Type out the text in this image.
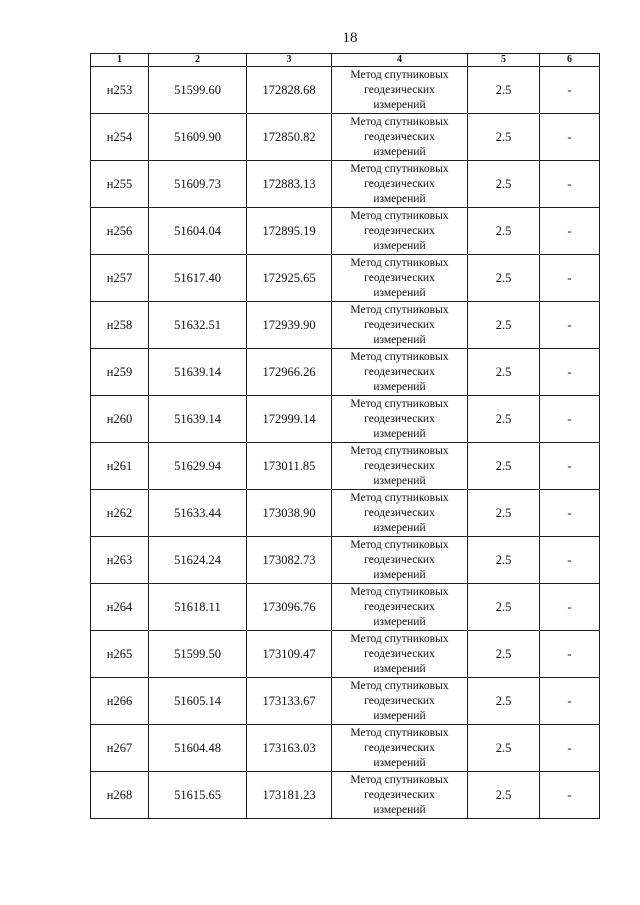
18
1	2	3	4	5	6
н253	51599.60	172828.68	Метод спутниковых
геодезических
измерений	2.5	-
н254	51609.90	172850.82	Метод спутниковых
геодезических
измерений	2.5	-
н255	51609.73	172883.13	Метод спутниковых
геодезических
измерений	2.5	-
н256	51604.04	172895.19	Метод спутниковых
геодезических
измерений	2.5	-
н257	51617.40	172925.65	Метод спутниковых
геодезических
измерений	2.5	-
н258	51632.51	172939.90	Метод спутниковых
геодезических
измерений	2.5	-
н259	51639.14	172966.26	Метод спутниковых
геодезических
измерений	2.5	-
н260	51639.14	172999.14	Метод спутниковых
геодезических
измерений	2.5	-
н261	51629.94	173011.85	Метод спутниковых
геодезических
измерений	2.5	-
н262	51633.44	173038.90	Метод спутниковых
геодезических
измерений	2.5	-
н263	51624.24	173082.73	Метод спутниковых
геодезических
измерений	2.5	-
н264	51618.11	173096.76	Метод спутниковых
геодезических
измерений	2.5	-
н265	51599.50	173109.47	Метод спутниковых
геодезических
измерений	2.5	-
н266	51605.14	173133.67	Метод спутниковых
геодезических
измерений	2.5	-
н267	51604.48	173163.03	Метод спутниковых
геодезических
измерений	2.5	-
н268	51615.65	173181.23	Метод спутниковых
геодезических
измерений	2.5	-
